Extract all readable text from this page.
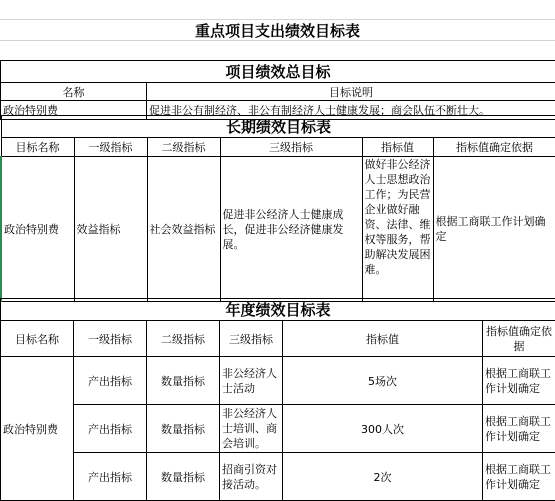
重点项目支出绩效目标表
项目绩效总目标	
名称	目标说明
政治特别费	促进非公有制经济、非公有制经济人士健康发展；商会队伍不断壮大。
长期绩效目标表					
目标名称	一级指标	二级指标	三级指标	指标值	指标值确定依据
政治特别费	效益指标	社会效益指标	促进非公经济人士健康成长，促进非公经济健康发展。	做好非公经济人士思想政治工作；为民营企业做好融资、法律、维权等服务，帮助解决发展困难。	根据工商联工作计划确定
年度绩效目标表					
目标名称	一级指标	二级指标	三级指标	指标值	指标值确定依据
政治特别费	产出指标	数量指标	非公经济人士活动	5场次	根据工商联工作计划确定
	产出指标	数量指标	非公经济人士培训、商会培训。	300人次	根据工商联工作计划确定
	产出指标	数量指标	招商引资对接活动。	2次	根据工商联工作计划确定
